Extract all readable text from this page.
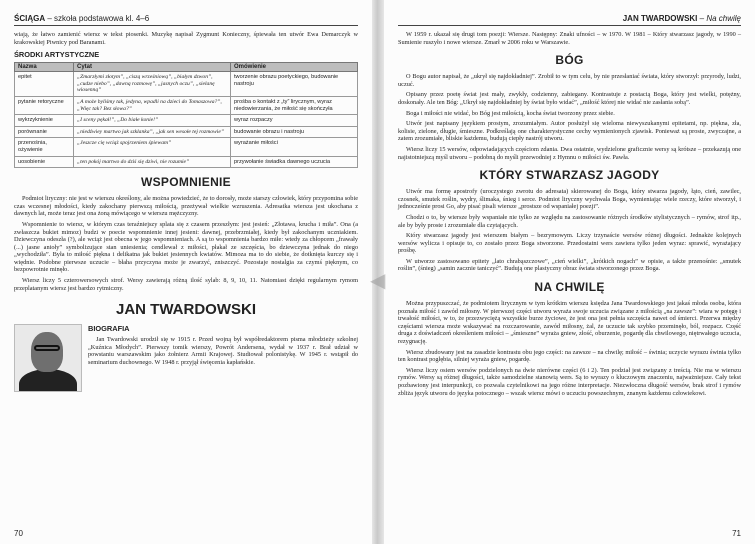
ŚCIĄGA – szkoła podstawowa kl. 4–6

wiają, że łatwo zamienić wiersz w tekst piosenki. Muzykę napisał Zygmunt Konieczny, śpiewała ten utwór Ewa Demarczyk w krakowskiej Piwnicy pod Baranami.

ŚRODKI ARTYSTYCZNE
Nazwa	Cytat	Omówienie
epitet	„Zmarzłymi złotym”, „ciszą wrześniową”, „białym dzwon”, „cudze niebo”, „dawną rozmowę”, „jasnych oczu”, „sielanę wiosenną”	tworzenie obrazu poetyckiego, budowanie nastroju
pytanie retoryczne	„A może byliśmy tak, jedyna, wpadli na dzieci do Tomaszowa?”, „Więc tak? Bez słowa?”	prośba o kontakt z „ty” lirycznym, wyraz niedowierzania, że miłość się skończyła
wykrzyknienie	„I sceny pękał!”, „Do białe konie!”	wyraz rozpaczy
porównanie	„niedźwiey martwo jak szklanka”, „jak sen wesołe tej rozmowie”	budowanie obrazu i nastroju
przenośnia, ożywienie	„Jeszcze cię wciąż spojrzeniem śpiewam”	wyrażanie miłości
uosobienie	„ten pokój martwo do dziś się dziwi, nie rozumie”	przywołanie świadka dawnego uczucia
WSPOMNIENIE

Podmiot liryczny: nie jest w wierszu określony, ale można powiedzieć, że to dorosły, może starszy człowiek, który przypomina sobie czas wczesnej młodości, kiedy zakochany pierwszą miłością, przeżywał wielkie wzruszenia. Adresatka wiersza jest ukochana z dawnych lat, może teraz jest ona żoną mówiącego w wierszu mężczyzny.

Wspomnienie to wiersz, w którym czas teraźniejszy splata się z czasem przeszłym: jest jesień: „Złotawa, krucha i miła”. Ona (a zwłaszcza bukiet mimoz) budzi w poecie wspomnienie innej jesieni: dawnej, przebrzmiałej, kiedy był zakochanym uczniakiem. Dziewczyna odeszła (?), ale wciąż jest obecna w jego wspomnieniach. A są to wspomnienia bardzo miłe: wtedy za chłopcem „frawały (...) jasne anioły” symbolizujące stan uniesienia; cendlewał z miłości, płakał ze szczęścia, bo dziewczyna jednak do niego „wychodziła”. Była to miłość piękna i delikatna jak bukiet jesiennych kwiatów. Mimoza ma to do siebie, że dotknięta kurczy się i więdnie. Podobne pierwsze uczucie – błaha przyczyna może je zwarzyć, zniszczyć. Pozostaje nostalgia za czymś pięknym, co bezpowrotnie minęło.

Wiersz liczy 5 czterowersowych strof. Wersy zawierają różną ilość sylab: 8, 9, 10, 11. Natomiast dzięki regularnym rymom przeplatanym wiersz jest bardzo rytmiczny.

JAN TWARDOWSKI
BIOGRAFIA

Jan Twardowski urodził się w 1915 r. Przed wojną był współredaktorem pisma młodzieży szkolnej „Kuźnica Młodych”. Pierwszy tomik wierszy, Powrót Andersena, wydał w 1937 r. Brał udział w powstaniu warszawskim jako żołnierz Armii Krajowej. Studiował polonistykę. W 1945 r. wstąpił do seminarium duchownego. W 1948 r. przyjął święcenia kapłańskie.

70
JAN TWARDOWSKI – Na chwilę

W 1959 r. ukazał się drugi tom poezji: Wiersze. Następny: Znaki ufności – w 1970. W 1981 – Który stwarzasz jagody, w 1990 – Sumienie ruszyło i nowe wiersze. Zmarł w 2006 roku w Warszawie.

BÓG

O Bogu autor napisał, że „ukrył się najdokładniej”. Zrobił to w tym celu, by nie przesłaniać świata, który stworzył: przyrody, ludzi, uczuć.

Opisany przez poetę świat jest mały, zwykły, codzienny, zabiegany. Kontrastuje z postacią Boga, który jest wielki, potężny, doskonały. Ale ten Bóg: „Ukrył się najdokładniej by świat było widać”, „miłość której nie widać nie zasłania sobą”.

Boga i miłości nie widać, bo Bóg jest miłością, kocha świat tworzony przez siebie.

Utwór jest napisany językiem prostym, zrozumiałym. Autor posłużył się wieloma niewyszukanymi epitetami, np. piękna, zła, kolisie, zielone, długie, śmieszne. Podkreślają one charakterystyczne cechy wymienionych zjawisk. Ponieważ są proste, zwyczajne, a zatem zrozumiałe, bliskie każdemu, budują ciepły nastrój utworu.

Wiersz liczy 15 wersów, odpowiadających częściom zdania. Dwa ostatnie, wydzielone graficznie wersy są krótsze – przekazują one najistotniejszą myśl utworu – podobną do myśli przewodniej z Hymnu o miłości św. Pawła.

KTÓRY STWARZASZ JAGODY

Utwór ma formę apostrofy (uroczystego zwrotu do adresata) skierowanej do Boga, który stwarza jagody, łąto, cień, zawilec, czosnek, smutek roślin, wydry, ślimaka, śnieg i serce. Podmiot liryczny wychwala Boga, wymieniając wiele rzeczy, które stworzył, i jednocześnie prosi Go, aby pisać pisali wiersze „prostsze od wspaniałej poezji”.

Chodzi o to, by wiersze były wspaniałe nie tylko ze względu na zastosowanie różnych środków stylistycznych – rymów, strof itp., ale by były proste i zrozumiałe dla czytających.

Który stwarzasz jagody jest wierszem białym – bezrymowym. Liczy trzynaście wersów różnej długości. Jednakże kolejnych wersów wylicza i opisuje to, co zostało przez Boga stworzone. Przedostatni wers zawiera tylko jeden wyraz: sprawić, wyrażający prośbę.

W utworze zastosowano epitety „lato chrabąszczowe”, „cień wielki”, „krótkich nogach” w opisie, a także przenośnie: „smutek roślin”, (śnieg) „samin zacznie taniczyć”. Budują one plastyczny obraz świata stworzonego przez Boga.

NA CHWILĘ

Można przypuszczać, że podmiotem lirycznym w tym krótkim wierszu księdza Jana Twardowskiego jest jakaś młoda osoba, która poznała miłość i zawód miłosny. W pierwszej części utworu wyraża swoje uczucia związane z miłością „na zawsze”: wiara w potęgę i trwałość miłości, w to, że przezwyciężą wszystkie burze życiowe, że jest ona jest pełnia szczęścia nawet od śmierci. Przerwa między częściami wiersza może wskazywać na rozczarowanie, zawód miłosny, żal, że uczucie tak szybko przeminęło, ból, rozpacz. Część druga z doświadczeń określeniem miłości – „śmieszne” wyraża gniew, złość, oburzenie, pogardę dla chwilowego, niętrwałego uczucia, rezygnację.

Wiersz zbudowany jest na zasadzie kontrastu obu jego części: na zawsze – na chwilę; miłość – świnia; uczycie wyrazu świnia tylko ten kontrast pogłębia, silniej wyraża gniew, pogardę.

Wiersz liczy osiem wersów podzielonych na dwie nierówne części (6 i 2). Ten podział jest związany z treścią. Nie ma w wierszu rymów. Wersy są różnej długości, także samodzielne stanowią wers. Są to wyrazy o kluczowym znaczeniu, najważniejsze. Cały tekst pozbawiony jest interpunkcji, co pozwala czytelnikowi na jego różne interpretacje. Niezwłoczna długość wersów, brak strof i rymów zbliża język utworu do języka potocznego – wszak wiersz mówi o uczuciu powszechnym, znanym każdemu człowiekowi.

71
◀
